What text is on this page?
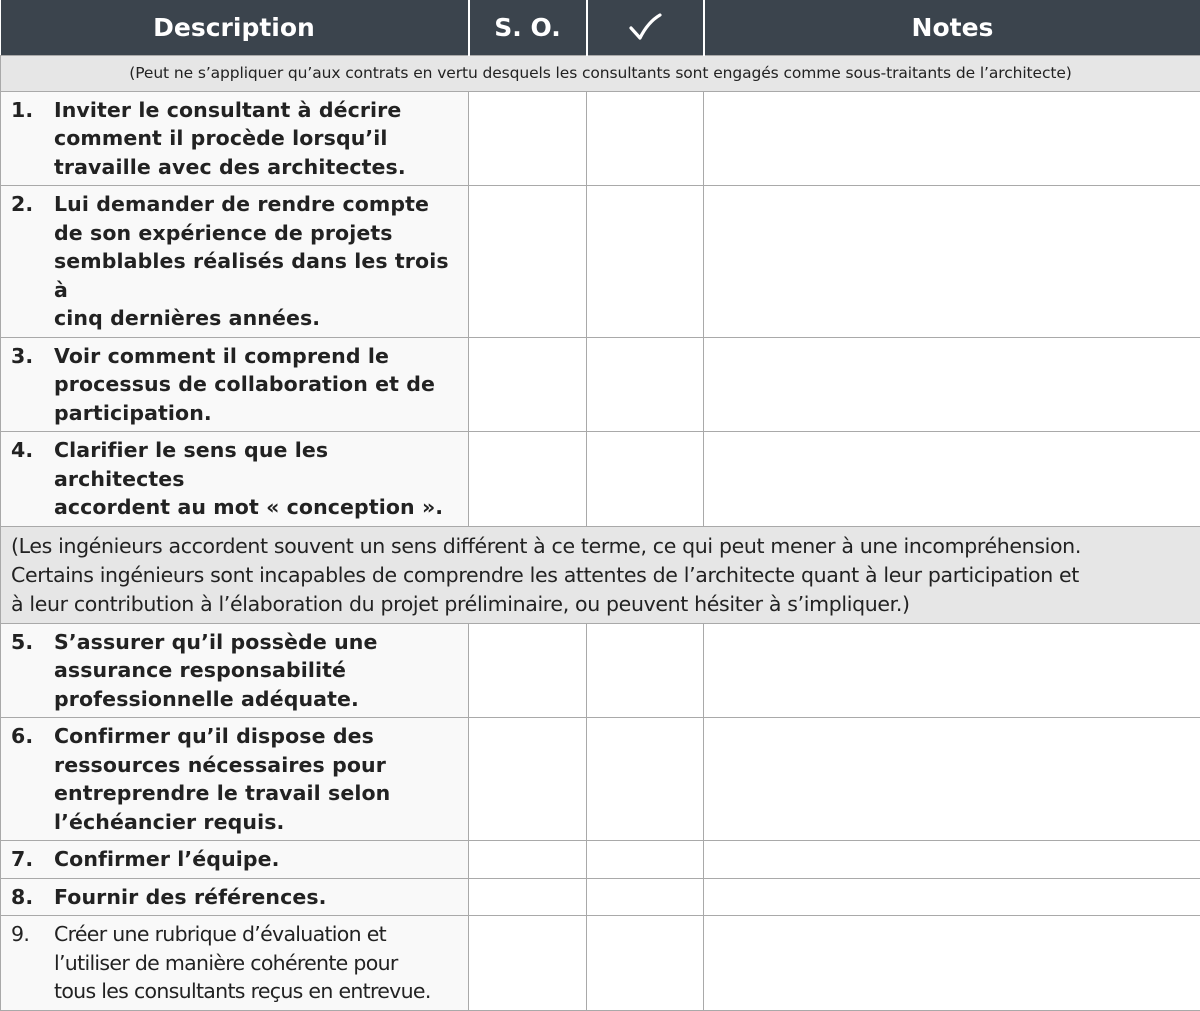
Description	S. O.		Notes

(Peut ne s’appliquer qu’aux contrats en vertu desquels les consultants sont engagés comme sous-traitants de l’architecte)			

1. Inviter le consultant à décrire
comment il procède lorsqu’il
travaille avec des architectes.			

2. Lui demander de rendre compte
de son expérience de projets
semblables réalisés dans les trois à
cinq dernières années.			

3. Voir comment il comprend le
processus de collaboration et de
participation.			

4. Clarifier le sens que les architectes
accordent au mot « conception ».			

(Les ingénieurs accordent souvent un sens différent à ce terme, ce qui peut mener à une incompréhension.
Certains ingénieurs sont incapables de comprendre les attentes de l’architecte quant à leur participation et
à leur contribution à l’élaboration du projet préliminaire, ou peuvent hésiter à s’impliquer.)			

5. S’assurer qu’il possède une
assurance responsabilité
professionnelle adéquate.			

6. Confirmer qu’il dispose des
ressources nécessaires pour
entreprendre le travail selon
l’échéancier requis.			

7. Confirmer l’équipe.			

8. Fournir des références.			

9. Créer une rubrique d’évaluation et
l’utiliser de manière cohérente pour
tous les consultants reçus en entrevue.			
